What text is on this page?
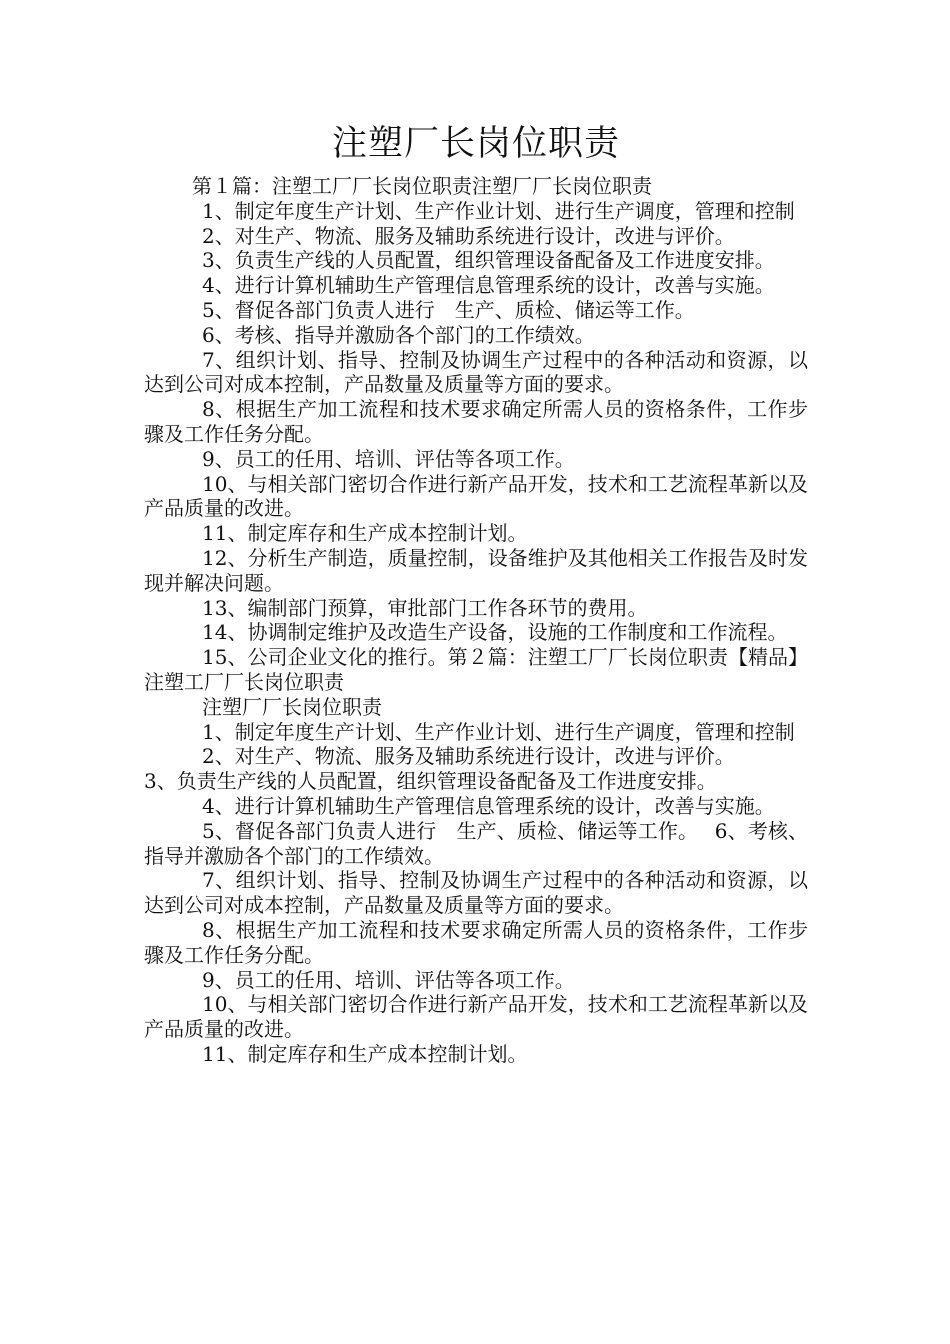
注塑厂长岗位职责

第１篇：注塑工厂厂长岗位职责注塑厂厂长岗位职责

1、制定年度生产计划、生产作业计划、进行生产调度，管理和控制

2、对生产、物流、服务及辅助系统进行设计，改进与评价。

3、负责生产线的人员配置，组织管理设备配备及工作进度安排。

4、进行计算机辅助生产管理信息管理系统的设计，改善与实施。

5、督促各部门负责人进行　生产、质检、储运等工作。

6、考核、指导并激励各个部门的工作绩效。

7、组织计划、指导、控制及协调生产过程中的各种活动和资源，以达到公司对成本控制，产品数量及质量等方面的要求。

8、根据生产加工流程和技术要求确定所需人员的资格条件，工作步骤及工作任务分配。

9、员工的任用、培训、评估等各项工作。

10、与相关部门密切合作进行新产品开发，技术和工艺流程革新以及产品质量的改进。

11、制定库存和生产成本控制计划。

12、分析生产制造，质量控制，设备维护及其他相关工作报告及时发现并解决问题。

13、编制部门预算，审批部门工作各环节的费用。

14、协调制定维护及改造生产设备，设施的工作制度和工作流程。

15、公司企业文化的推行。第２篇：注塑工厂厂长岗位职责【精品】注塑工厂厂长岗位职责

注塑厂厂长岗位职责

1、制定年度生产计划、生产作业计划、进行生产调度，管理和控制

2、对生产、物流、服务及辅助系统进行设计，改进与评价。

3、负责生产线的人员配置，组织管理设备配备及工作进度安排。

4、进行计算机辅助生产管理信息管理系统的设计，改善与实施。

5、督促各部门负责人进行　生产、质检、储运等工作。　 6、考核、指导并激励各个部门的工作绩效。

7、组织计划、指导、控制及协调生产过程中的各种活动和资源，以达到公司对成本控制，产品数量及质量等方面的要求。

8、根据生产加工流程和技术要求确定所需人员的资格条件，工作步骤及工作任务分配。

9、员工的任用、培训、评估等各项工作。

10、与相关部门密切合作进行新产品开发，技术和工艺流程革新以及产品质量的改进。

11、制定库存和生产成本控制计划。
